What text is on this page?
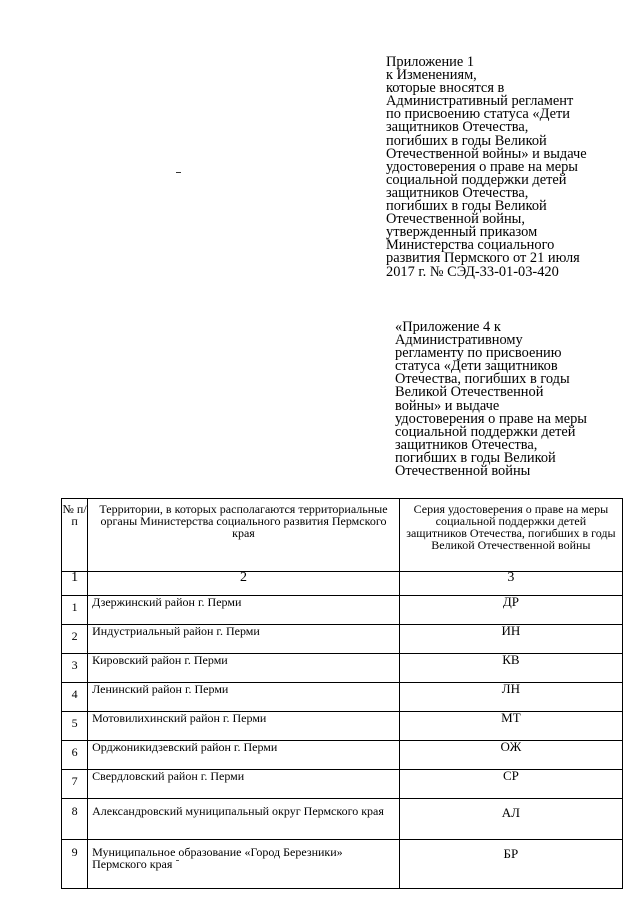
Приложение 1
к Изменениям,
которые вносятся в
Административный регламент
по присвоению статуса «Дети
защитников Отечества,
погибших в годы Великой
Отечественной войны» и выдаче
удостоверения о праве на меры
социальной поддержки детей
защитников Отечества,
погибших в годы Великой
Отечественной войны,
утвержденный приказом
Министерства социального
развития Пермского от 21 июля
2017 г. № СЭД-33-01-03-420
«Приложение 4 к
Административному
регламенту по присвоению
статуса «Дети защитников
Отечества, погибших в годы
Великой Отечественной
войны» и выдаче
удостоверения о праве на меры
социальной поддержки детей
защитников Отечества,
погибших в годы Великой
Отечественной войны
№ п/п	Территории, в которых располагаются территориальные органы Министерства социального развития Пермского края	Серия удостоверения о праве на меры социальной поддержки детей защитников Отечества, погибших в годы Великой Отечественной войны
1	2	3
1	Дзержинский район г. Перми	ДР
2	Индустриальный район г. Перми	ИН
3	Кировский район г. Перми	КВ
4	Ленинский район г. Перми	ЛН
5	Мотовилихинский район г. Перми	МТ
6	Орджоникидзевский район г. Перми	ОЖ
7	Свердловский район г. Перми	СР
8	Александровский муниципальный округ Пермского края	АЛ
9	Муниципальное образование «Город Березники» Пермского края	БР
